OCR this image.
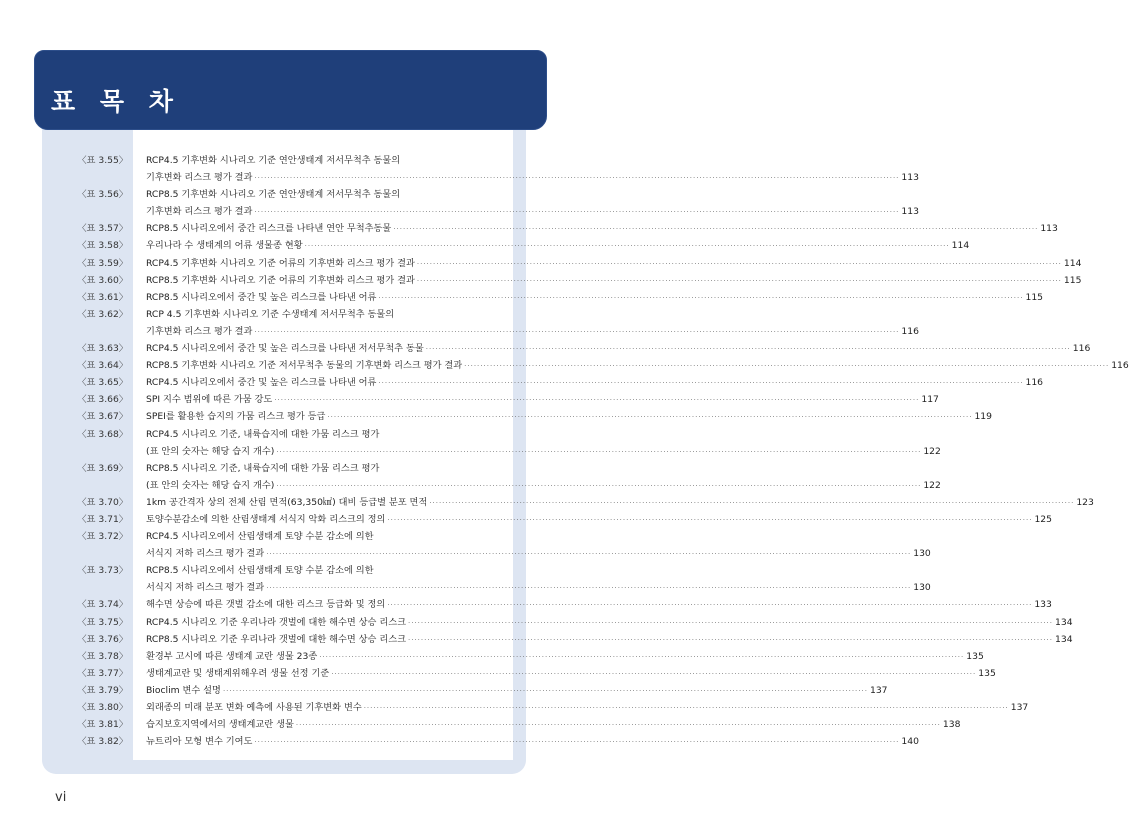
표 목 차
〈표 3.55〉 RCP4.5 기후변화 시나리오 기준 연안생태계 저서무척추 동물의
기후변화 리스크 평가 결과 ········································································································································································································ 113
〈표 3.56〉 RCP8.5 기후변화 시나리오 기준 연안생태계 저서무척추 동물의
기후변화 리스크 평가 결과 ········································································································································································································ 113
〈표 3.57〉 RCP8.5 시나리오에서 중간 리스크를 나타낸 연안 무척추동물 ········································································································································································································ 113
〈표 3.58〉 우리나라 수 생태계의 어류 생물종 현황 ········································································································································································································ 114
〈표 3.59〉 RCP4.5 기후변화 시나리오 기준 어류의 기후변화 리스크 평가 결과 ········································································································································································································ 114
〈표 3.60〉 RCP8.5 기후변화 시나리오 기준 어류의 기후변화 리스크 평가 결과 ········································································································································································································ 115
〈표 3.61〉 RCP8.5 시나리오에서 중간 및 높은 리스크를 나타낸 어류 ········································································································································································································ 115
〈표 3.62〉 RCP 4.5 기후변화 시나리오 기준 수생태계 저서무척추 동물의
기후변화 리스크 평가 결과 ········································································································································································································ 116
〈표 3.63〉 RCP4.5 시나리오에서 중간 및 높은 리스크를 나타낸 저서무척추 동물 ········································································································································································································ 116
〈표 3.64〉 RCP8.5 기후변화 시나리오 기준 저서무척추 동물의 기후변화 리스크 평가 결과 ········································································································································································································ 116
〈표 3.65〉 RCP4.5 시나리오에서 중간 및 높은 리스크를 나타낸 어류 ········································································································································································································ 116
〈표 3.66〉 SPI 지수 범위에 따른 가뭄 강도 ········································································································································································································ 117
〈표 3.67〉 SPEI를 활용한 습지의 가뭄 리스크 평가 등급 ········································································································································································································ 119
〈표 3.68〉 RCP4.5 시나리오 기준, 내륙습지에 대한 가뭄 리스크 평가
(표 안의 숫자는 해당 습지 개수) ········································································································································································································ 122
〈표 3.69〉 RCP8.5 시나리오 기준, 내륙습지에 대한 가뭄 리스크 평가
(표 안의 숫자는 해당 습지 개수) ········································································································································································································ 122
〈표 3.70〉 1km 공간격자 상의 전체 산림 면적(63,350㎢) 대비 등급별 분포 면적 ········································································································································································································ 123
〈표 3.71〉 토양수분감소에 의한 산림생태계 서식지 악화 리스크의 정의 ········································································································································································································ 125
〈표 3.72〉 RCP4.5 시나리오에서 산림생태계 토양 수분 감소에 의한
서식지 저하 리스크 평가 결과 ········································································································································································································ 130
〈표 3.73〉 RCP8.5 시나리오에서 산림생태계 토양 수분 감소에 의한
서식지 저하 리스크 평가 결과 ········································································································································································································ 130
〈표 3.74〉 해수면 상승에 따른 갯벌 감소에 대한 리스크 등급화 및 정의 ········································································································································································································ 133
〈표 3.75〉 RCP4.5 시나리오 기준 우리나라 갯벌에 대한 해수면 상승 리스크 ········································································································································································································ 134
〈표 3.76〉 RCP8.5 시나리오 기준 우리나라 갯벌에 대한 해수면 상승 리스크 ········································································································································································································ 134
〈표 3.78〉 환경부 고시에 따른 생태계 교란 생물 23종 ········································································································································································································ 135
〈표 3.77〉 생태계교란 및 생태계위해우려 생물 선정 기준 ········································································································································································································ 135
〈표 3.79〉 Bioclim 변수 설명 ········································································································································································································ 137
〈표 3.80〉 외래종의 미래 분포 변화 예측에 사용된 기후변화 변수 ········································································································································································································ 137
〈표 3.81〉 습지보호지역에서의 생태계교란 생물 ········································································································································································································ 138
〈표 3.82〉 뉴트리아 모형 변수 기여도 ········································································································································································································ 140
vi
